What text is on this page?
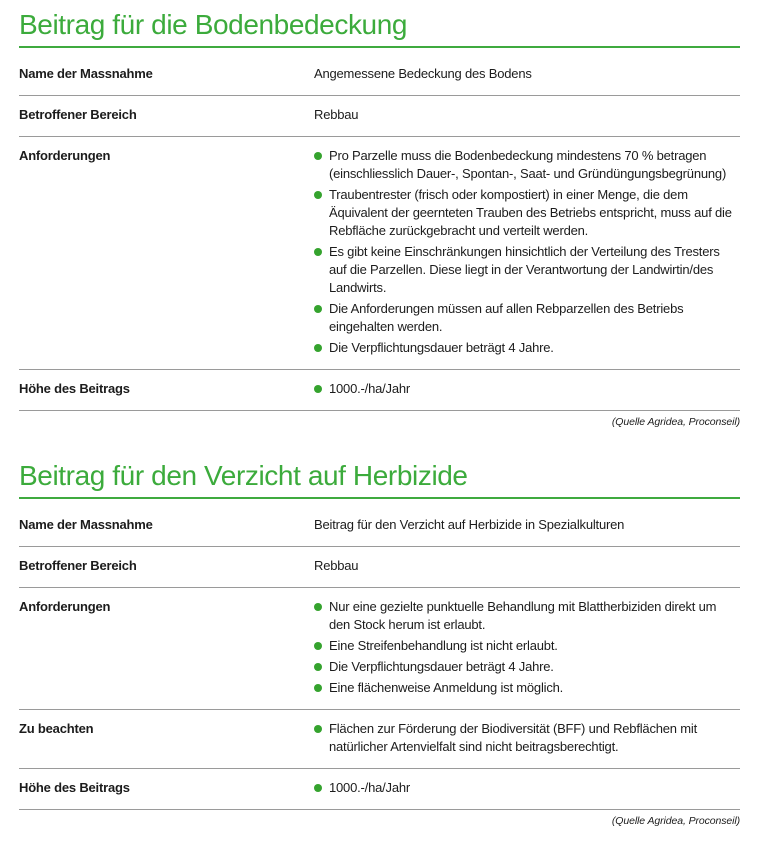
Beitrag für die Bodenbedeckung
Name der Massnahme	Angemessene Bedeckung des Bodens
Betroffener Bereich	Rebbau
Anforderungen	Pro Parzelle muss die Bodenbedeckung mindestens 70 % betragen (einschliesslich Dauer-, Spontan-, Saat- und Gründüngungsbegrünung)
Traubentrester (frisch oder kompostiert) in einer Menge, die dem Äquivalent der geernteten Trauben des Betriebs entspricht, muss auf die Rebfläche zurückgebracht und verteilt werden.
Es gibt keine Einschränkungen hinsichtlich der Verteilung des Tresters auf die Parzellen. Diese liegt in der Verantwortung der Landwirtin/des Landwirts.
Die Anforderungen müssen auf allen Rebparzellen des Betriebs eingehalten werden.
Die Verpflichtungsdauer beträgt 4 Jahre.
Höhe des Beitrags	1000.-/ha/Jahr
(Quelle Agridea, Proconseil)
Beitrag für den Verzicht auf Herbizide
Name der Massnahme	Beitrag für den Verzicht auf Herbizide in Spezialkulturen
Betroffener Bereich	Rebbau
Anforderungen	Nur eine gezielte punktuelle Behandlung mit Blattherbiziden direkt um den Stock herum ist erlaubt.
Eine Streifenbehandlung ist nicht erlaubt.
Die Verpflichtungsdauer beträgt 4 Jahre.
Eine flächenweise Anmeldung ist möglich.
Zu beachten	Flächen zur Förderung der Biodiversität (BFF) und Rebflächen mit natürlicher Artenvielfalt sind nicht beitragsberechtigt.
Höhe des Beitrags	1000.-/ha/Jahr
(Quelle Agridea, Proconseil)
